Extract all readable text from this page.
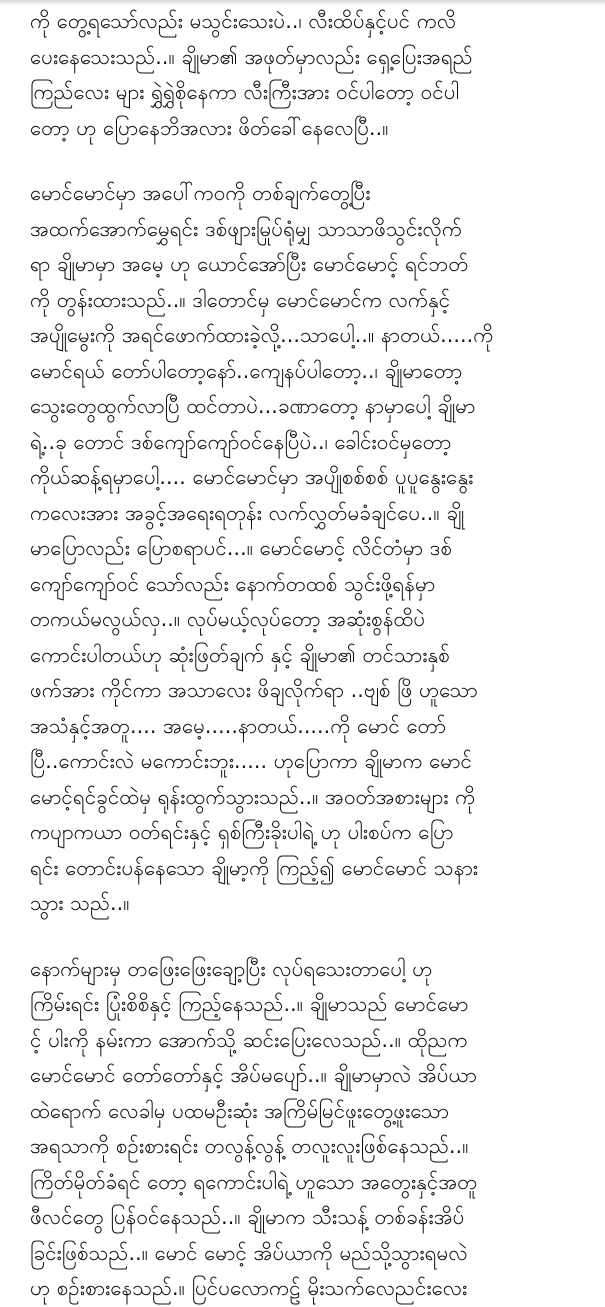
ကို တွေ့ရသော်လည်း မသွင်းသေးပဲ..၊ လီးထိပ်နှင့်ပင် ကလိ
ပေးနေသေးသည်..။ ချိုမာ၏ အဖုတ်မှာလည်း ရှေ့ပြေးအရည်
ကြည်လေး များ ရွှဲရွှဲစိုနေကာ လီးကြီးအား ဝင်ပါတော့ ဝင်ပါ
တော့ ဟု ပြောနေဘိအလား ဖိတ်ခေါ်နေလေပြီ..။

မောင်မောင်မှာ အပေါ်ကဝကို တစ်ချက်တွေ့ပြီး
အထက်အောက်မွှေရင်း ဒစ်ဖျားမြုပ်ရုံမျှ သာသာဖိသွင်းလိုက်
ရာ ချိုမာမှာ အမေ့ ဟု ယောင်အော်ပြီး မောင်မောင့် ရင်ဘတ်
ကို တွန်းထားသည်..။ ဒါတောင်မှ မောင်မောင်က လက်နှင့်
အပျိုမွေးကို အရင်ဖောက်ထားခဲ့လို့...သာပေါ့..။ နာတယ်.....ကို
မောင်ရယ် တော်ပါတော့နော်..ကျေနပ်ပါတော့..၊ ချိုမာတော့
သွေးတွေထွက်လာပြီ ထင်တာပဲ...ခဏာတော့ နာမှာပေါ့ ချိုမာ
ရဲ့..ခု တောင် ဒစ်ကျော်ကျော်ဝင်နေပြီပဲ..၊ ခေါင်းဝင်မှတော့
ကိုယ်ဆန့်ရမှာပေါ့.... မောင်မောင်မှာ အပျိုစစ်စစ် ပူပူနွေးနွေး
ကလေးအား အခွင့်အရေးရတုန်း လက်လွှတ်မခံချင်ပေ..။ ချို
မာပြောလည်း ပြောစရာပင်...။ မောင်မောင့် လိင်တံမှာ ဒစ်
ကျော်ကျော်ဝင် သော်လည်း နောက်တထစ် သွင်းဖို့ရန်မှာ
တကယ်မလွယ်လှ..။ လုပ်မယ့်လုပ်တော့ အဆုံးစွန်ထိပဲ
ကောင်းပါတယ်ဟု ဆုံးဖြတ်ချက် နှင့် ချိုမာ၏ တင်သားနှစ်
ဖက်အား ကိုင်ကာ အသာလေး ဖိချလိုက်ရာ ..ဗျစ် ဖြိ ဟူသော
အသံနှင့်အတူ.... အမေ့.....နာတယ်.....ကို မောင် တော်
ပြီ..ကောင်းလဲ မကောင်းဘူး..... ဟုပြောကာ ချိုမာက မောင်
မောင့်ရင်ခွင်ထဲမှ ရုန်းထွက်သွားသည်..။ အဝတ်အစားများ ကို
ကပျာကယာ ဝတ်ရင်းနှင့် ရှစ်ကြီးခိုးပါရဲ့ ဟု ပါးစပ်က ပြော
ရင်း တောင်းပန်နေသော ချိုမာ့ကို ကြည့်၍ မောင်မောင် သနား
သွား သည်..။

နောက်များမှ တဖြေးဖြေးချော့ပြီး လုပ်ရသေးတာပေါ့ ဟု
ကြိမ်းရင်း ပြုံးစိစိနှင့် ကြည့်နေသည်..။ ချိုမာသည် မောင်မော
င့် ပါးကို နမ်းကာ အောက်သို့ ဆင်းပြေးလေသည်..။ ထိုညက
မောင်မောင် တော်တော်နှင့် အိပ်မပျော်..။ ချိုမာမှာလဲ အိပ်ယာ
ထဲရောက် လေခါမှ ပထမဦးဆုံး အကြိမ်မြင်ဖူးတွေ့ဖူးသော
အရသာကို စဉ်းစားရင်း တလွန့်လွန့် တလူးလူးဖြစ်နေသည်..။
ကြိတ်မိုတ်ခံရင် တော့ ရကောင်းပါရဲ့ ဟူသော အတွေးနှင့်အတူ
ဖီလင်တွေ ပြန်ဝင်နေသည်..။ ချိုမာက သီးသန့် တစ်ခန်းအိပ်
ခြင်းဖြစ်သည်..။ မောင် မောင့် အိပ်ယာကို မည်သို့သွားရမလဲ
ဟု စဉ်းစားနေသည်.။ ပြင်ပလောကဠ် မိုးသက်လေညင်းလေး
